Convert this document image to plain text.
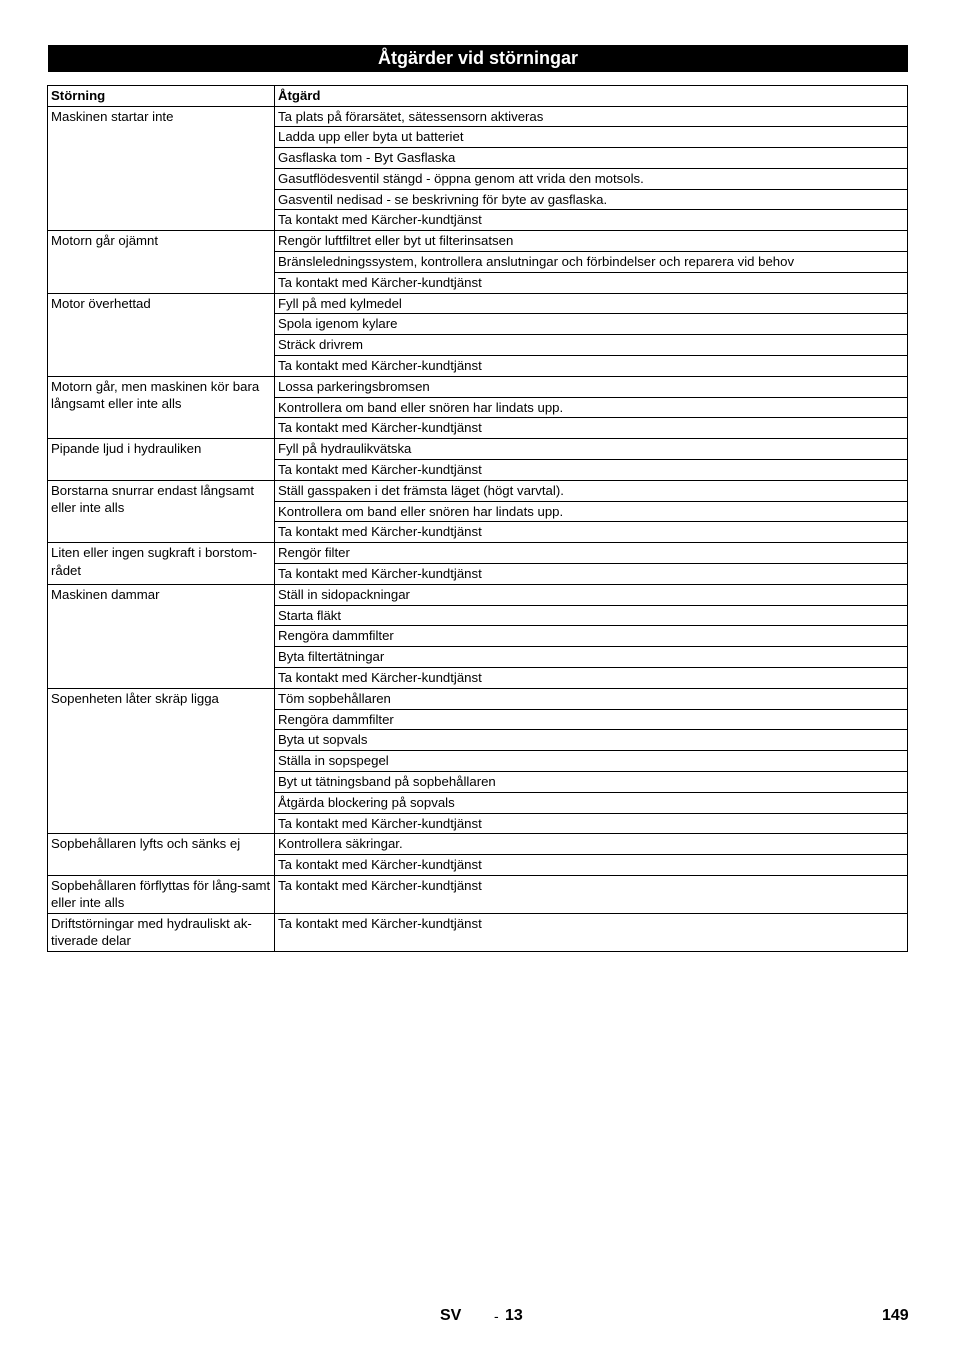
Åtgärder vid störningar
Störning	Åtgärd
Maskinen startar inte	Ta plats på förarsätet, sätessensorn aktiveras
	Ladda upp eller byta ut batteriet
	Gasflaska tom - Byt Gasflaska
	Gasutflödesventil stängd - öppna genom att vrida den motsols.
	Gasventil nedisad - se beskrivning för byte av gasflaska.
	Ta kontakt med Kärcher-kundtjänst
Motorn går ojämnt	Rengör luftfiltret eller byt ut filterinsatsen
	Bränsleledningssystem, kontrollera anslutningar och förbindelser och reparera vid behov
	Ta kontakt med Kärcher-kundtjänst
Motor överhettad	Fyll på med kylmedel
	Spola igenom kylare
	Sträck drivrem
	Ta kontakt med Kärcher-kundtjänst
Motorn går, men maskinen kör bara långsamt eller inte alls	Lossa parkeringsbromsen
	Kontrollera om band eller snören har lindats upp.
	Ta kontakt med Kärcher-kundtjänst
Pipande ljud i hydrauliken	Fyll på hydraulikvätska
	Ta kontakt med Kärcher-kundtjänst
Borstarna snurrar endast långsamt eller inte alls	Ställ gasspaken i det främsta läget (högt varvtal).
	Kontrollera om band eller snören har lindats upp.
	Ta kontakt med Kärcher-kundtjänst
Liten eller ingen sugkraft i borstom-rådet	Rengör filter
	Ta kontakt med Kärcher-kundtjänst
Maskinen dammar	Ställ in sidopackningar
	Starta fläkt
	Rengöra dammfilter
	Byta filtertätningar
	Ta kontakt med Kärcher-kundtjänst
Sopenheten låter skräp ligga	Töm sopbehållaren
	Rengöra dammfilter
	Byta ut sopvals
	Ställa in sopspegel
	Byt ut tätningsband på sopbehållaren
	Åtgärda blockering på sopvals
	Ta kontakt med Kärcher-kundtjänst
Sopbehållaren lyfts och sänks ej	Kontrollera säkringar.
	Ta kontakt med Kärcher-kundtjänst
Sopbehållaren förflyttas för lång-samt eller inte alls	Ta kontakt med Kärcher-kundtjänst
Driftstörningar med hydrauliskt ak-tiverade delar	Ta kontakt med Kärcher-kundtjänst
SV - 13	149
